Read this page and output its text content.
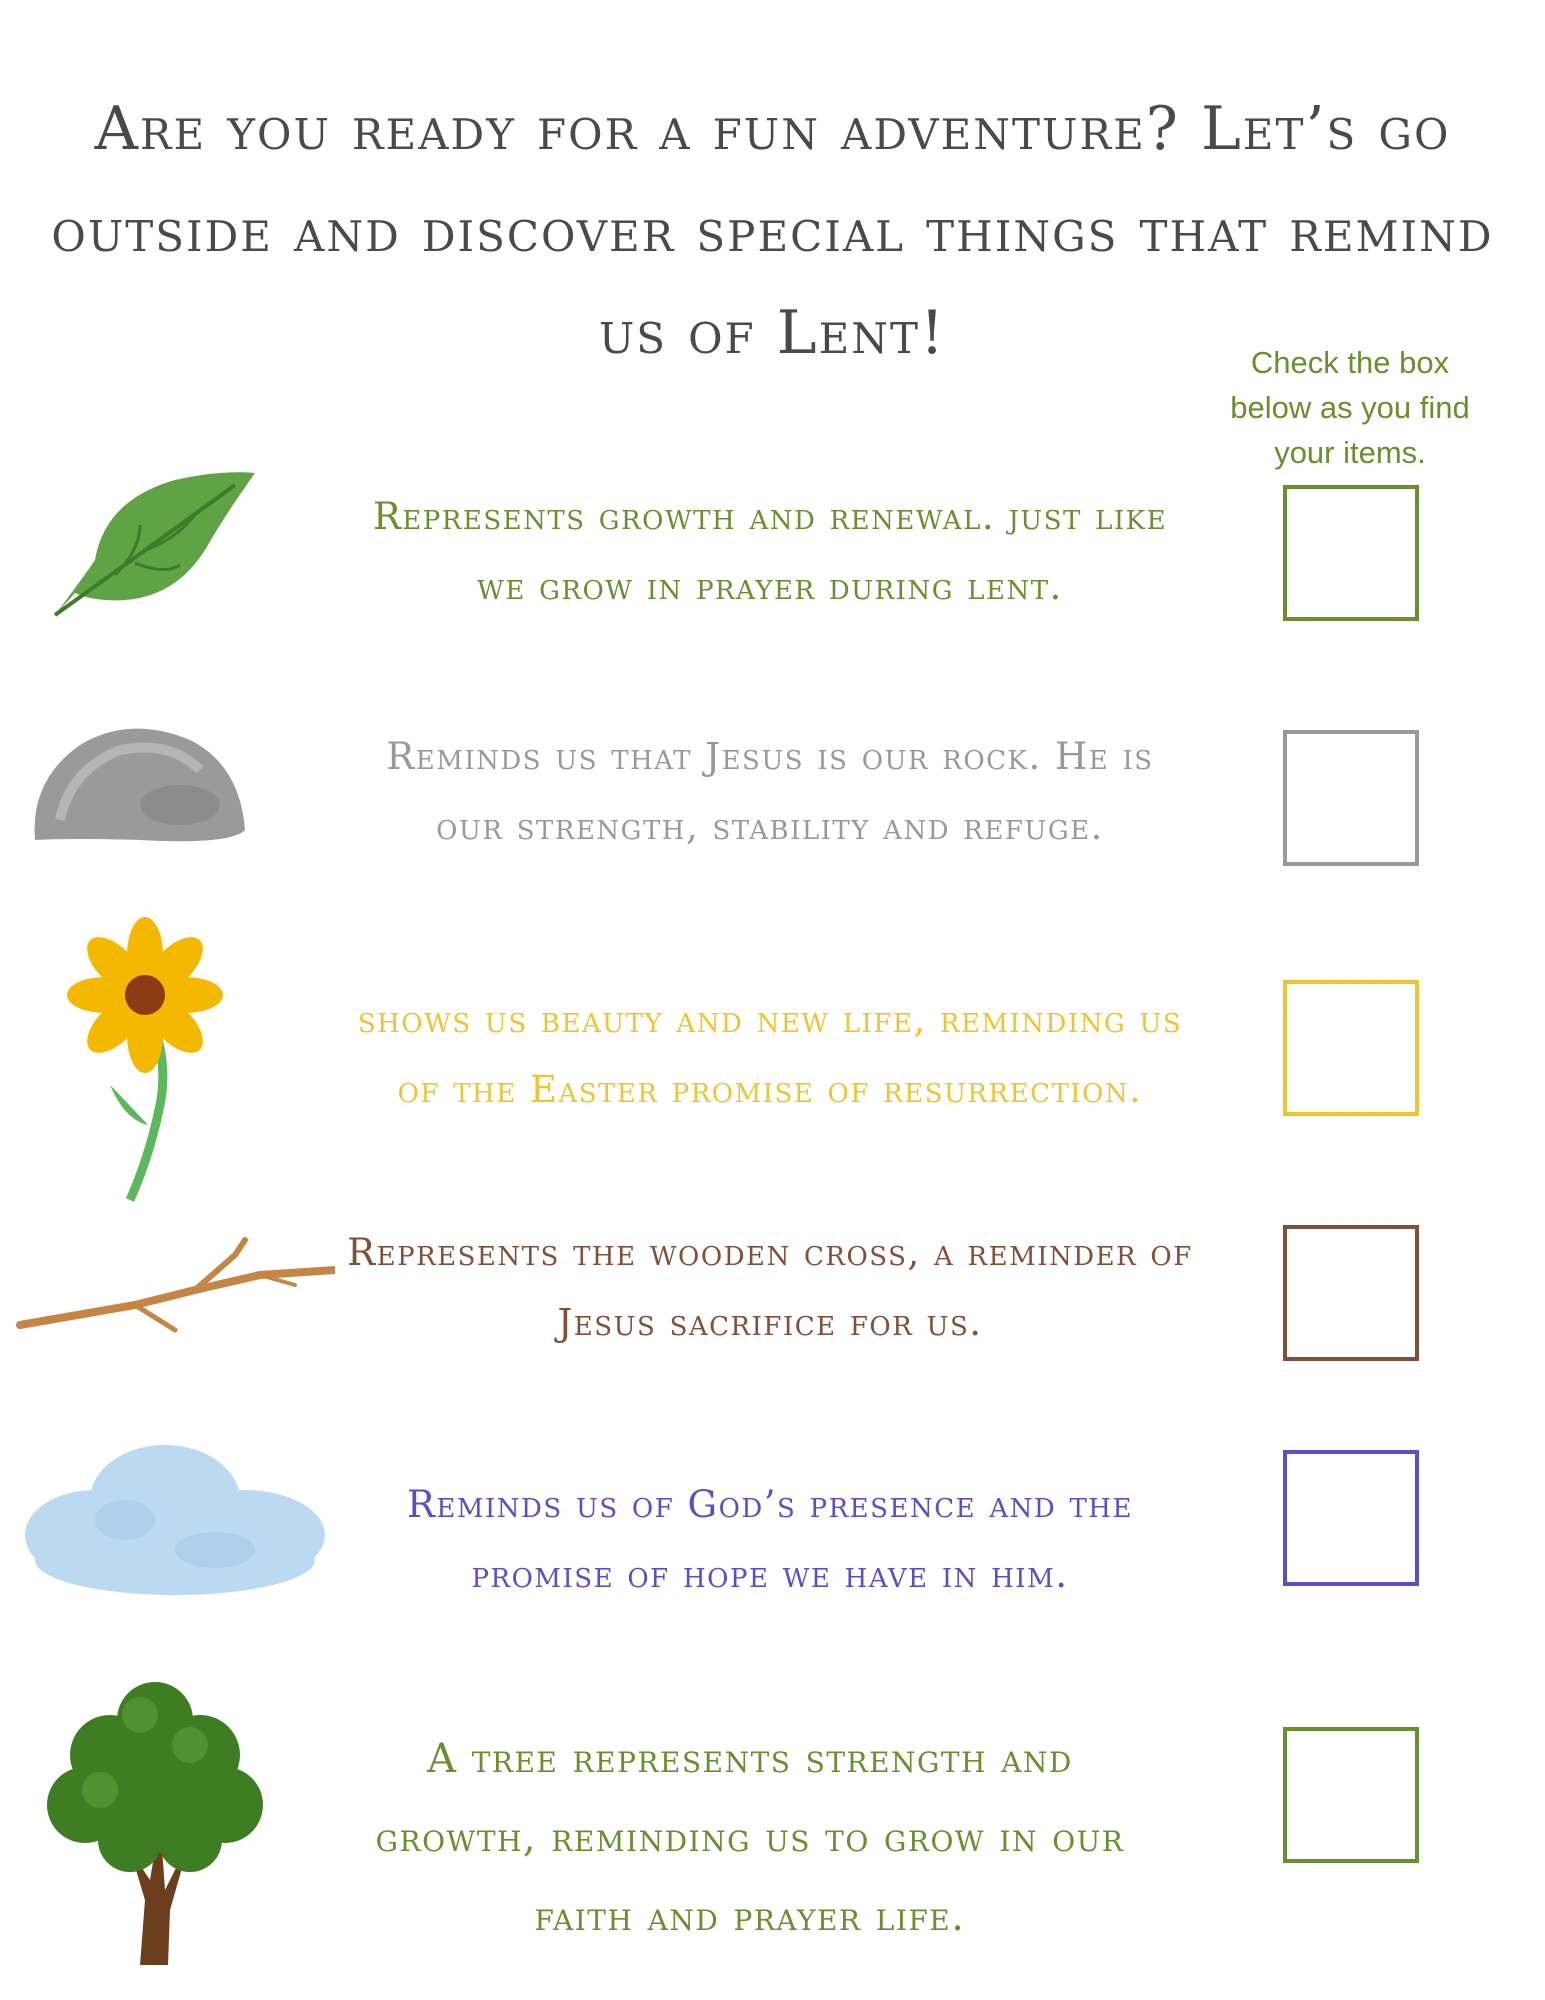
Are you ready for a fun adventure? Let’s go
outside and discover special things that remind
us of Lent!	Check the box
below as you find
your items.
Represents growth and renewal. just like
we grow in prayer during lent.
Reminds us that Jesus is our rock. He is
our strength, stability and refuge.
shows us beauty and new life, reminding us
of the Easter promise of resurrection.
Represents the wooden cross, a reminder of
Jesus sacrifice for us.
Reminds us of God’s presence and the
promise of hope we have in him.
A tree represents strength and
growth, reminding us to grow in our
faith and prayer life.
